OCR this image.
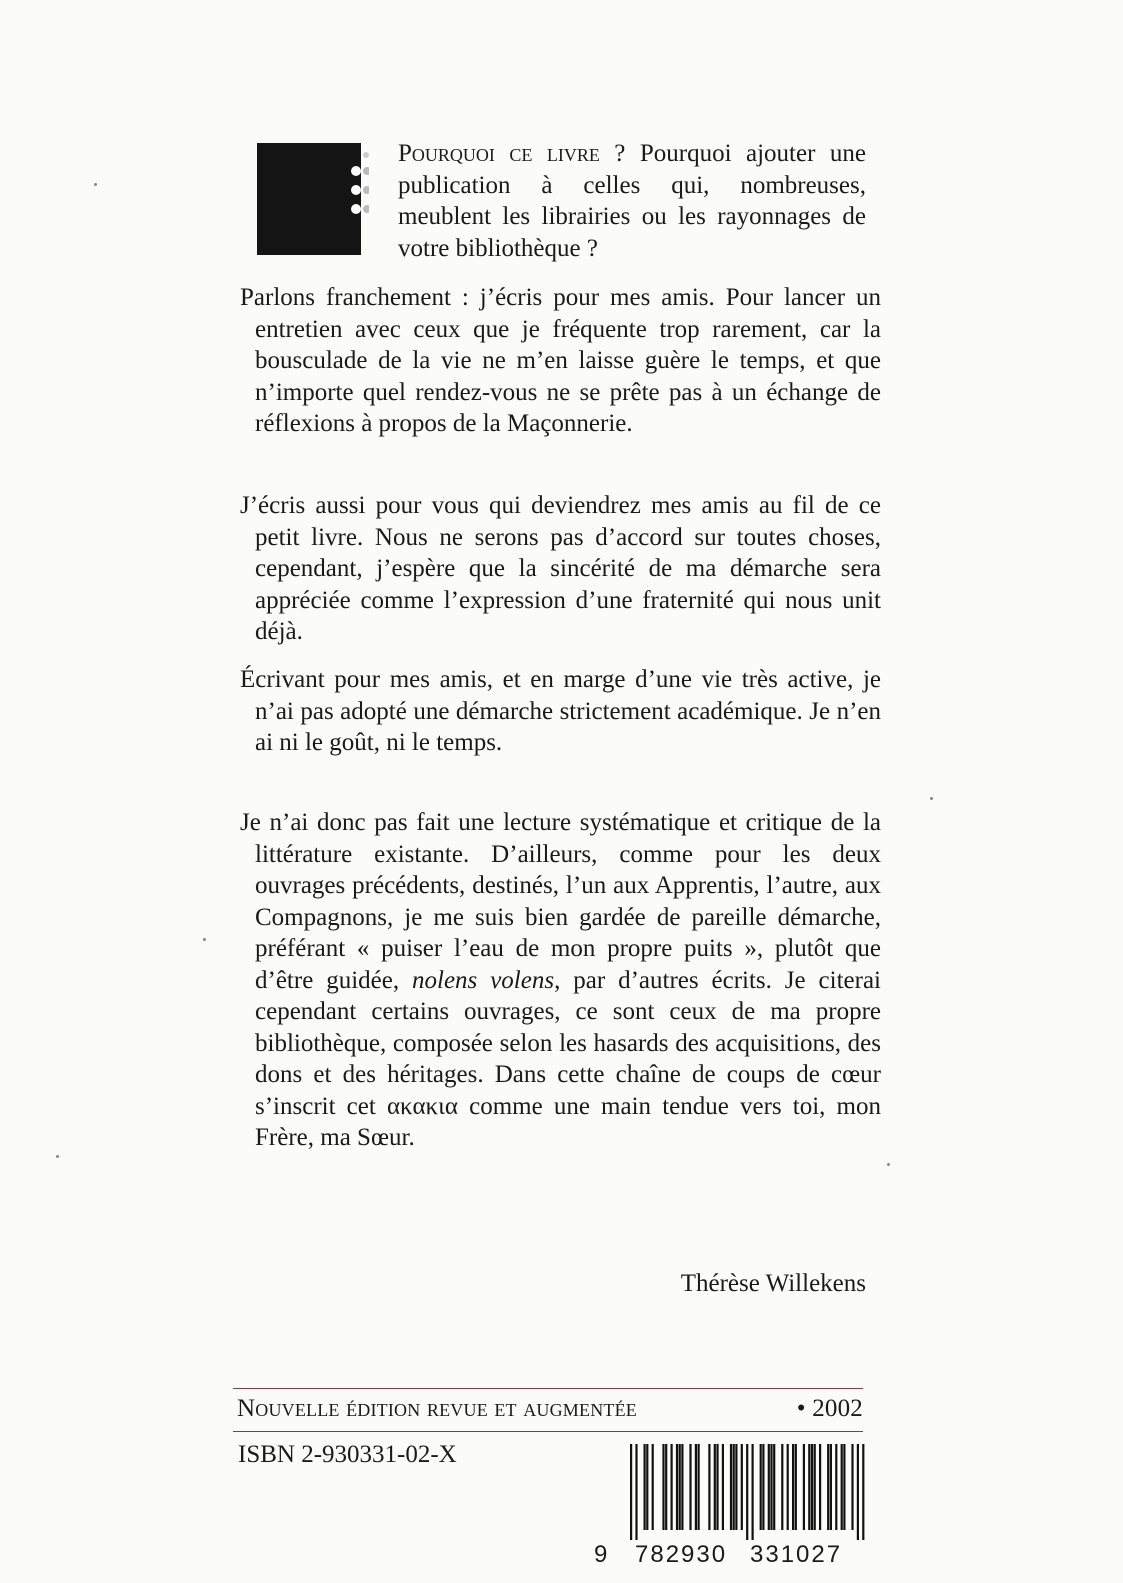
Pourquoi ce livre ? Pourquoi ajouter une publication à celles qui, nombreuses, meublent les librairies ou les rayonnages de votre bibliothèque ?

Parlons franchement : j’écris pour mes amis. Pour lancer un entretien avec ceux que je fréquente trop rarement, car la bousculade de la vie ne m’en laisse guère le temps, et que n’importe quel rendez-vous ne se prête pas à un échange de réflexions à propos de la Maçonnerie.

J’écris aussi pour vous qui deviendrez mes amis au fil de ce petit livre. Nous ne serons pas d’accord sur toutes choses, cependant, j’espère que la sincérité de ma démarche sera appréciée comme l’expression d’une fraternité qui nous unit déjà.

Écrivant pour mes amis, et en marge d’une vie très active, je n’ai pas adopté une démarche strictement académique. Je n’en ai ni le goût, ni le temps.

Je n’ai donc pas fait une lecture systématique et critique de la littérature existante. D’ailleurs, comme pour les deux ouvrages précédents, destinés, l’un aux Apprentis, l’autre, aux Compagnons, je me suis bien gardée de pareille démarche, préférant « puiser l’eau de mon propre puits », plutôt que d’être guidée, nolens volens, par d’autres écrits. Je citerai cependant certains ouvrages, ce sont ceux de ma propre bibliothèque, composée selon les hasards des acquisitions, des dons et des héritages. Dans cette chaîne de coups de cœur s’inscrit cet ακακια comme une main tendue vers toi, mon Frère, ma Sœur.

Thérèse Willekens

Nouvelle édition revue et augmentée	• 2002

ISBN 2-930331-02-X

9 782930 331027
